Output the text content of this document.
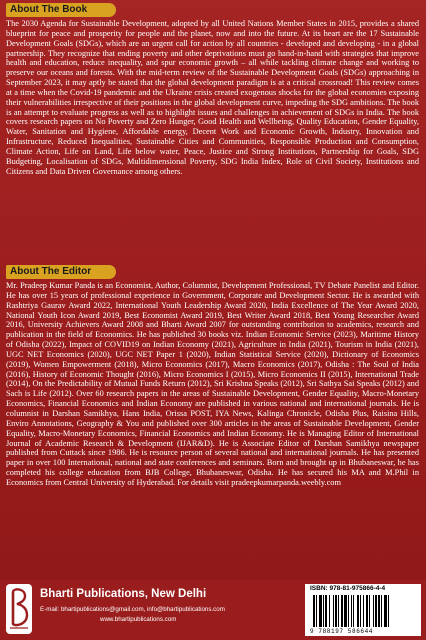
About The Book
The 2030 Agenda for Sustainable Development, adopted by all United Nations Member States in 2015, provides a shared blueprint for peace and prosperity for people and the planet, now and into the future. At its heart are the 17 Sustainable Development Goals (SDGs), which are an urgent call for action by all countries - developed and developing - in a global partnership. They recognize that ending poverty and other deprivations must go hand-in-hand with strategies that improve health and education, reduce inequality, and spur economic growth – all while tackling climate change and working to preserve our oceans and forests. With the mid-term review of the Sustainable Development Goals (SDGs) approaching in September 2023, it may aptly be stated that the global development paradigm is at a critical crossroad! This review comes at a time when the Covid-19 pandemic and the Ukraine crisis created exogenous shocks for the global economies exposing their vulnerabilities irrespective of their positions in the global development curve, impeding the SDG ambitions. The book is an attempt to evaluate progress as well as to highlight issues and challenges in achievement of SDGs in India. The book covers research papers on No Poverty and Zero Hunger, Good Health and Wellbeing, Quality Education, Gender Equality, Water, Sanitation and Hygiene, Affordable energy, Decent Work and Economic Growth, Industry, Innovation and Infrastructure, Reduced Inequalities, Sustainable Cities and Communities, Responsible Production and Consumption, Climate Action, Life on Land, Life below water, Peace, Justice and Strong Institutions, Partnership for Goals, SDG Budgeting, Localisation of SDGs, Multidimensional Poverty, SDG India Index, Role of Civil Society, Institutions and Citizens and Data Driven Governance among others.
About The Editor
Mr. Pradeep Kumar Panda is an Economist, Author, Columnist, Development Professional, TV Debate Panelist and Editor. He has over 15 years of professional experience in Government, Corporate and Development Sector. He is awarded with Rashtriya Gaurav Award 2022, International Youth Leadership Award 2020, India Excellence of The Year Award 2020, National Youth Icon Award 2019, Best Economist Award 2019, Best Writer Award 2018, Best Young Researcher Award 2016, University Achievers Award 2008 and Bharti Award 2007 for outstanding contribution to academics, research and publication in the field of Economics. He has published 30 books viz. Indian Economic Service (2023), Maritime History of Odisha (2022), Impact of COVID19 on Indian Economy (2021), Agriculture in India (2021), Tourism in India (2021), UGC NET Economics (2020), UGC NET Paper 1 (2020), Indian Statistical Service (2020), Dictionary of Economics (2019), Women Empowerment (2018), Micro Economics (2017), Macro Economics (2017), Odisha : The Soul of India (2016), History of Economic Thought (2016), Micro Economics I (2015), Micro Economics II (2015), International Trade (2014), On the Predictability of Mutual Funds Return (2012), Sri Krishna Speaks (2012), Sri Sathya Sai Speaks (2012) and Sach is Life (2012). Over 60 research papers in the areas of Sustainable Development, Gender Equality, Macro-Monetary Economics, Financial Economics and Indian Economy are published in various national and international journals. He is columnist in Darshan Samikhya, Hans India, Orissa POST, IYA News, Kalinga Chronicle, Odisha Plus, Raisina Hills, Enviro Annotations, Geography & You and published over 300 articles in the areas of Sustainable Development, Gender Equality, Macro-Monetary Economics, Financial Economics and Indian Economy. He is Managing Editor of International Journal of Academic Research & Development (IJAR&D). He is Associate Editor of Darshan Samikhya newspaper published from Cuttack since 1986. He is resource person of several national and international journals. He has presented paper in over 100 International, national and state conferences and seminars. Born and brought up in Bhubaneswar, he has completed his college education from BJB College, Bhubaneswar, Odisha. He has secured his MA and M.Phil in Economics from Central University of Hyderabad. For details visit pradeepkumarpanda.weebly.com
Bharti Publications, New Delhi
E-mail: bhartipublications@gmail.com, info@bhartipublications.com
www.bhartipublications.com
ISBN: 978-81-975866-4-4
9 788197 586644
